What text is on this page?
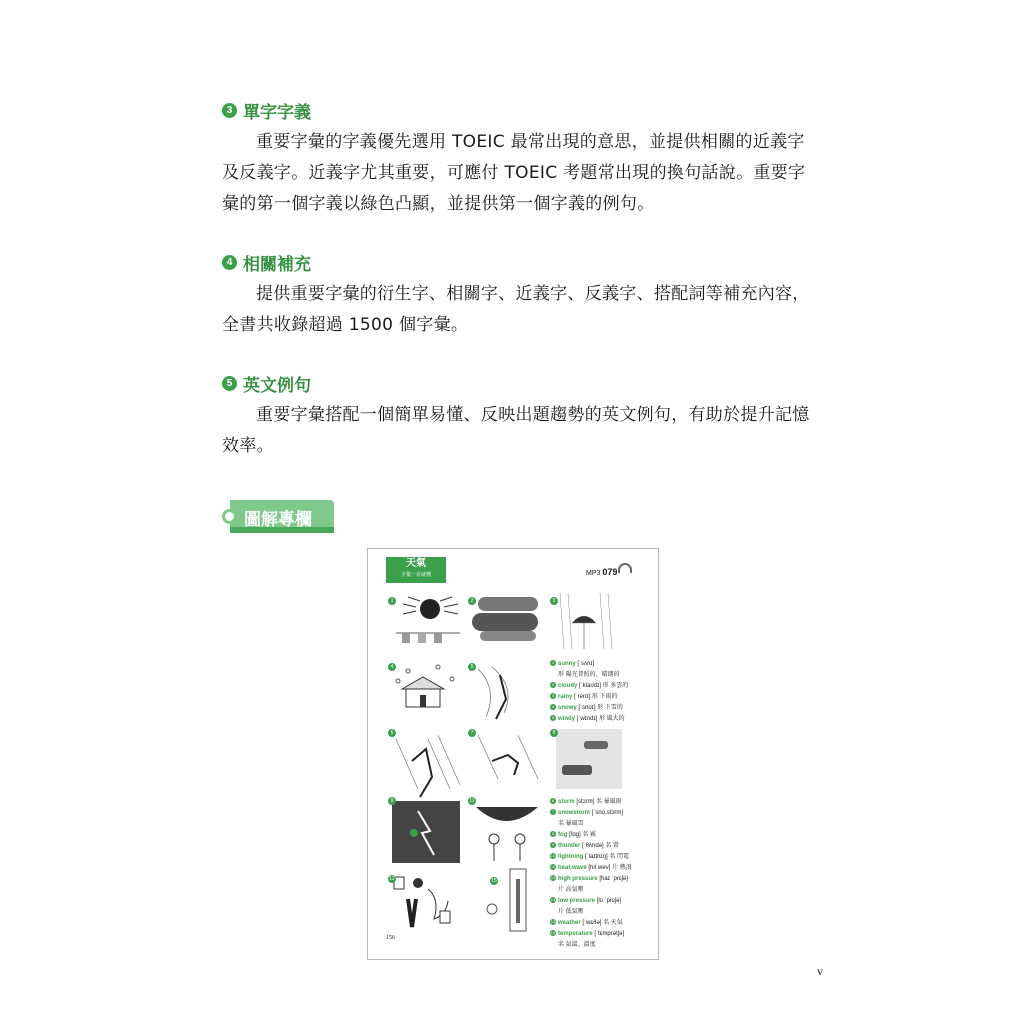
3 單字字義

重要字彙的字義優先選用 TOEIC 最常出現的意思，並提供相關的近義字及反義字。近義字尤其重要，可應付 TOEIC 考題常出現的換句話說。重要字彙的第一個字義以綠色凸顯，並提供第一個字義的例句。

4 相關補充

提供重要字彙的衍生字、相關字、近義字、反義字、搭配詞等補充內容，全書共收錄超過 1500 個字彙。

5 英文例句

重要字彙搭配一個簡單易懂、反映出題趨勢的英文例句，有助於提升記憶效率。

圖解專欄
天氣
字彙一看就懂	MP3 079
1	2	3
4	5
6	7	8
9	11
12	15
1 sunny [ˈsʌnɪ]
形 陽光普照的、晴朗的
2 cloudy [ˈklaʊdɪ] 形 多雲的
3 rainy [ˈrenɪ] 形 下雨的
4 snowy [ˈsnoɪ] 形 下雪的
5 windy [ˈwɪndɪ] 形 風大的
6 storm [stɔrm] 名 暴風雨
7 snowstorm [ˈsno,stɔrm]
名 暴風雪
8 fog [fɑg] 名 霧
9 thunder [ˈθʌndə] 名 雷
10 lightning [ˈlaɪtnɪŋ] 名 閃電
11 heat wave [hit wev] 片 熱浪
12 high pressure [haɪ ˈprɛʃə]
片 高氣壓
13 low pressure [lo ˈprɛʃə]
片 低氣壓
14 weather [ˈwɛðə] 名 天氣
15 temperature [ˈtɛmprətʃə]
名 氣溫、溫度
156
v
